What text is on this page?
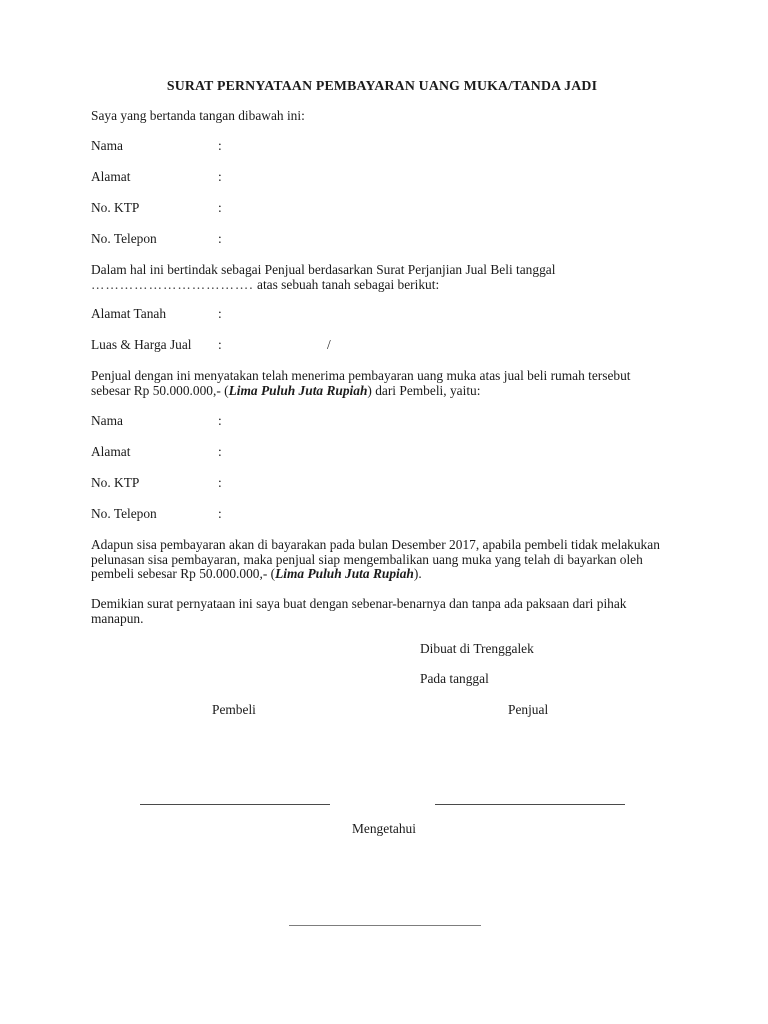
SURAT PERNYATAAN PEMBAYARAN UANG MUKA/TANDA JADI

Saya yang bertanda tangan dibawah ini:

Nama	:
Alamat	:
No. KTP	:
No. Telepon	:

Dalam hal ini bertindak sebagai Penjual berdasarkan Surat Perjanjian Jual Beli tanggal
……………………………. atas sebuah tanah sebagai berikut:

Alamat Tanah	:
Luas & Harga Jual	:	/

Penjual dengan ini menyatakan telah menerima pembayaran uang muka atas jual beli rumah tersebut sebesar Rp 50.000.000,- (Lima Puluh Juta Rupiah) dari Pembeli, yaitu:

Nama	:
Alamat	:
No. KTP	:
No. Telepon	:

Adapun sisa pembayaran akan di bayarakan pada bulan Desember 2017, apabila pembeli tidak melakukan pelunasan sisa pembayaran, maka penjual siap mengembalikan uang muka yang telah di bayarkan oleh pembeli sebesar Rp 50.000.000,- (Lima Puluh Juta Rupiah).

Demikian surat pernyataan ini saya buat dengan sebenar-benarnya dan tanpa ada paksaan dari pihak manapun.

Dibuat di Trenggalek
Pada tanggal
Pembeli	Penjual
Mengetahui
